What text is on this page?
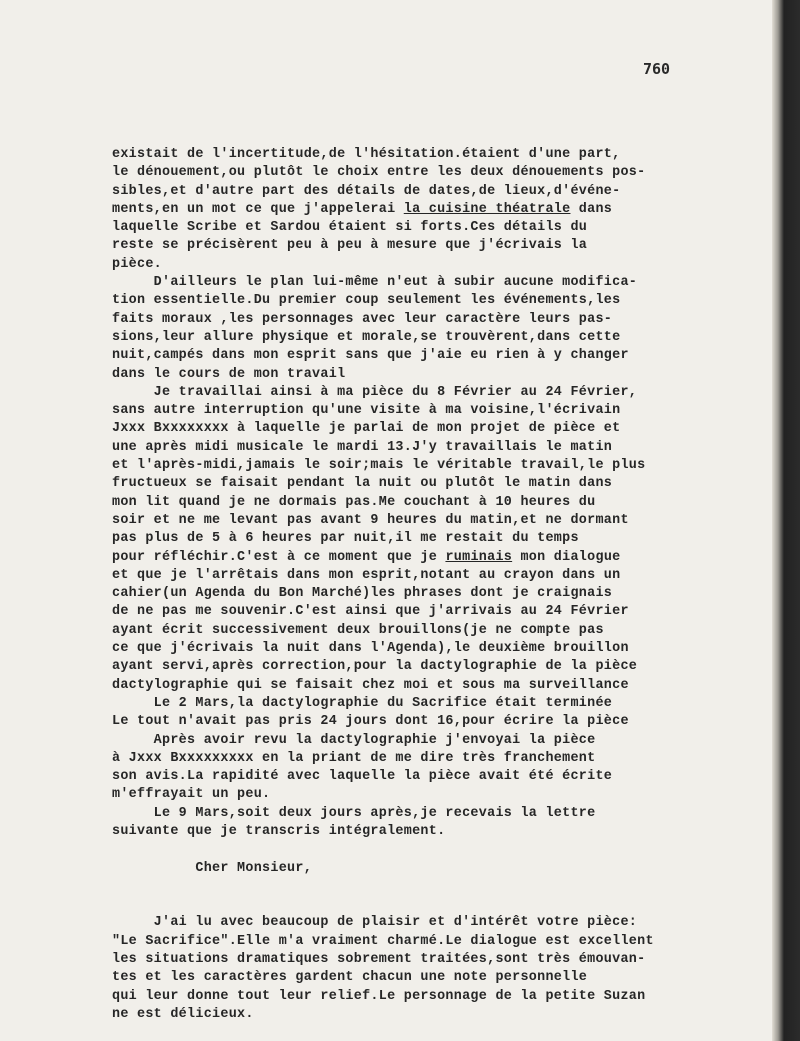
760
existait de l'incertitude,de l'hésitation.étaient d'une part,
le dénouement,ou plutôt le choix entre les deux dénouements pos-
sibles,et d'autre part des détails de dates,de lieux,d'événe-
ments,en un mot ce que j'appelerai la cuisine théatrale dans
laquelle Scribe et Sardou étaient si forts.Ces détails du
reste se précisèrent peu à peu à mesure que j'écrivais la
pièce.
D'ailleurs le plan lui-même n'eut à subir aucune modifica-
tion essentielle.Du premier coup seulement les événements,les
faits moraux ,les personnages avec leur caractère leurs pas-
sions,leur allure physique et morale,se trouvèrent,dans cette
nuit,campés dans mon esprit sans que j'aie eu rien à y changer
dans le cours de mon travail
Je travaillai ainsi à ma pièce du 8 Février au 24 Février,
sans autre interruption qu'une visite à ma voisine,l'écrivain
Jxxx Bxxxxxxxx à laquelle je parlai de mon projet de pièce et
une après midi musicale le mardi 13.J'y travaillais le matin
et l'après-midi,jamais le soir;mais le véritable travail,le plus
fructueux se faisait pendant la nuit ou plutôt le matin dans
mon lit quand je ne dormais pas.Me couchant à 10 heures du
soir et ne me levant pas avant 9 heures du matin,et ne dormant
pas plus de 5 à 6 heures par nuit,il me restait du temps
pour réfléchir.C'est à ce moment que je ruminais mon dialogue
et que je l'arrêtais dans mon esprit,notant au crayon dans un
cahier(un Agenda du Bon Marché)les phrases dont je craignais
de ne pas me souvenir.C'est ainsi que j'arrivais au 24 Février
ayant écrit successivement deux brouillons(je ne compte pas
ce que j'écrivais la nuit dans l'Agenda),le deuxième brouillon
ayant servi,après correction,pour la dactylographie de la pièce
dactylographie qui se faisait chez moi et sous ma surveillance
Le 2 Mars,la dactylographie du Sacrifice était terminée
Le tout n'avait pas pris 24 jours dont 16,pour écrire la pièce
Après avoir revu la dactylographie j'envoyai la pièce
à Jxxx Bxxxxxxxxx en la priant de me dire très franchement
son avis.La rapidité avec laquelle la pièce avait été écrite
m'effrayait un peu.
Le 9 Mars,soit deux jours après,je recevais la lettre
suivante que je transcris intégralement.
Cher Monsieur,
J'ai lu avec beaucoup de plaisir et d'intérêt votre pièce:
"Le Sacrifice".Elle m'a vraiment charmé.Le dialogue est excellent
les situations dramatiques sobrement traitées,sont très émouvan-
tes et les caractères gardent chacun une note personnelle
qui leur donne tout leur relief.Le personnage de la petite Suzan
ne est délicieux.
